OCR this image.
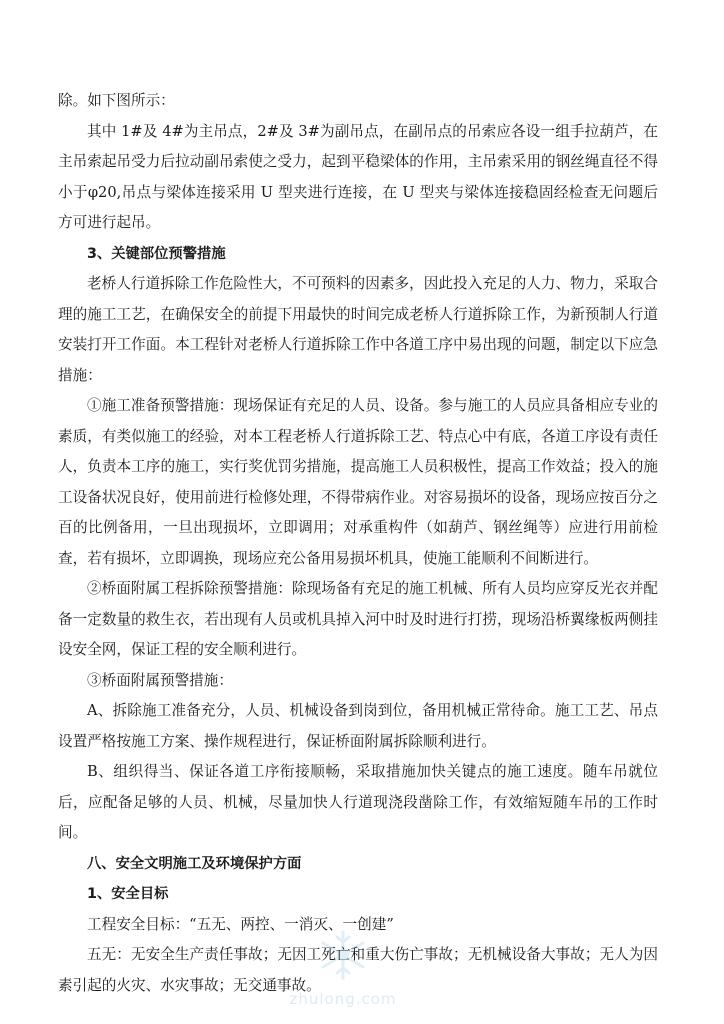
除。如下图所示：

其中 1#及 4#为主吊点，2#及 3#为副吊点，在副吊点的吊索应各设一组手拉葫芦，在主吊索起吊受力后拉动副吊索使之受力，起到平稳梁体的作用，主吊索采用的钢丝绳直径不得小于φ20,吊点与梁体连接采用 U 型夹进行连接，在 U 型夹与梁体连接稳固经检查无问题后方可进行起吊。

3、关键部位预警措施

老桥人行道拆除工作危险性大，不可预料的因素多，因此投入充足的人力、物力，采取合理的施工工艺，在确保安全的前提下用最快的时间完成老桥人行道拆除工作，为新预制人行道安装打开工作面。本工程针对老桥人行道拆除工作中各道工序中易出现的问题，制定以下应急措施：

①施工准备预警措施：现场保证有充足的人员、设备。参与施工的人员应具备相应专业的素质，有类似施工的经验，对本工程老桥人行道拆除工艺、特点心中有底，各道工序设有责任人，负责本工序的施工，实行奖优罚劣措施，提高施工人员积极性，提高工作效益；投入的施工设备状况良好，使用前进行检修处理，不得带病作业。对容易损坏的设备，现场应按百分之百的比例备用，一旦出现损坏，立即调用；对承重构件（如葫芦、钢丝绳等）应进行用前检查，若有损坏，立即调换，现场应充公备用易损坏机具，使施工能顺利不间断进行。

②桥面附属工程拆除预警措施：除现场备有充足的施工机械、所有人员均应穿反光衣并配备一定数量的救生衣，若出现有人员或机具掉入河中时及时进行打捞，现场沿桥翼缘板两侧挂设安全网，保证工程的安全顺利进行。

③桥面附属预警措施：

A、拆除施工准备充分，人员、机械设备到岗到位，备用机械正常待命。施工工艺、吊点设置严格按施工方案、操作规程进行，保证桥面附属拆除顺利进行。

B、组织得当、保证各道工序衔接顺畅，采取措施加快关键点的施工速度。随车吊就位后，应配备足够的人员、机械，尽量加快人行道现浇段凿除工作，有效缩短随车吊的工作时间。

八、安全文明施工及环境保护方面

1、安全目标

工程安全目标：“五无、两控、一消灭、一创建”

五无：无安全生产责任事故；无因工死亡和重大伤亡事故；无机械设备大事故；无人为因素引起的火灾、水灾事故；无交通事故。

zhulong.com
